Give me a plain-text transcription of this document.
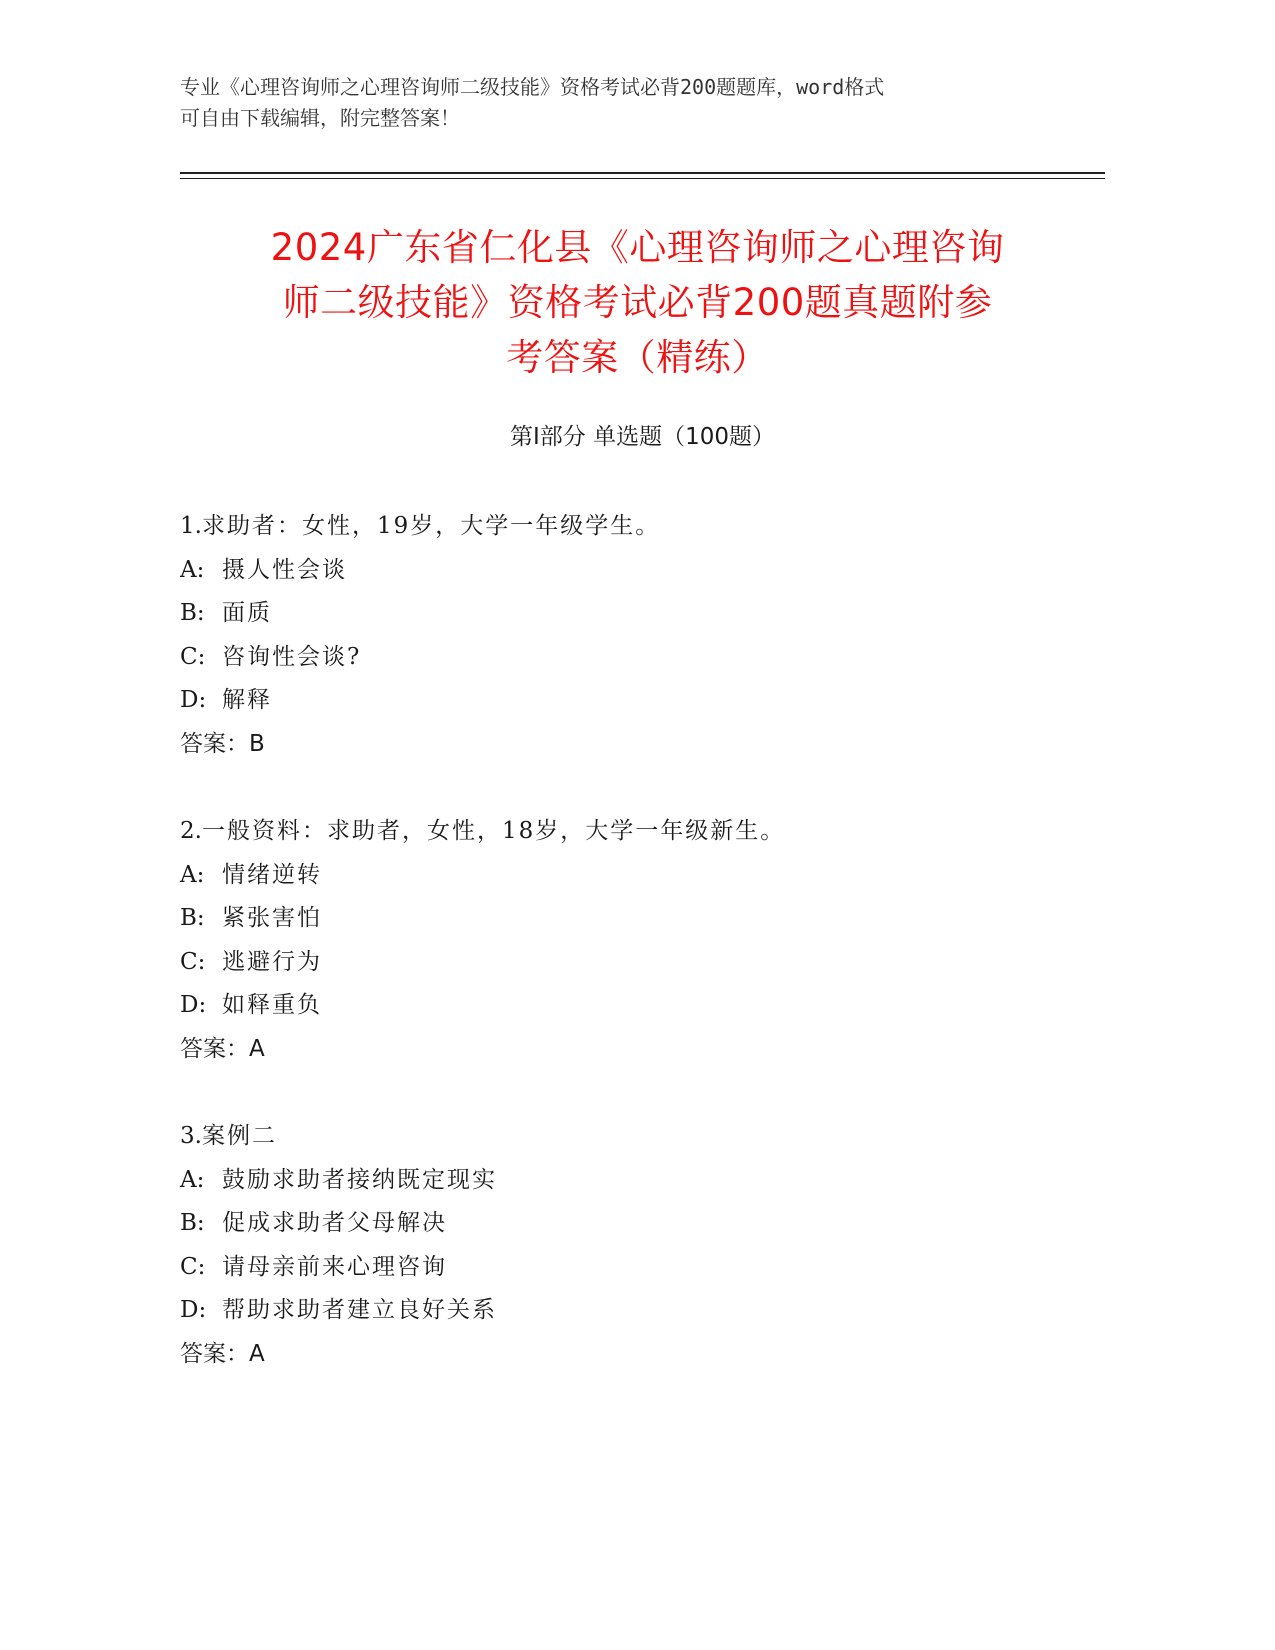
专业《心理咨询师之心理咨询师二级技能》资格考试必背200题题库，word格式
可自由下载编辑，附完整答案！
2024广东省仁化县《心理咨询师之心理咨询
师二级技能》资格考试必背200题真题附参
考答案（精练）
第Ⅰ部分 单选题（100题）
1.求助者：女性，19岁，大学一年级学生。
A: 摄人性会谈
B: 面质
C: 咨询性会谈?
D: 解释
答案：B
2.一般资料：求助者，女性，18岁，大学一年级新生。
A: 情绪逆转
B: 紧张害怕
C: 逃避行为
D: 如释重负
答案：A
3.案例二
A: 鼓励求助者接纳既定现实
B: 促成求助者父母解决
C: 请母亲前来心理咨询
D: 帮助求助者建立良好关系
答案：A
